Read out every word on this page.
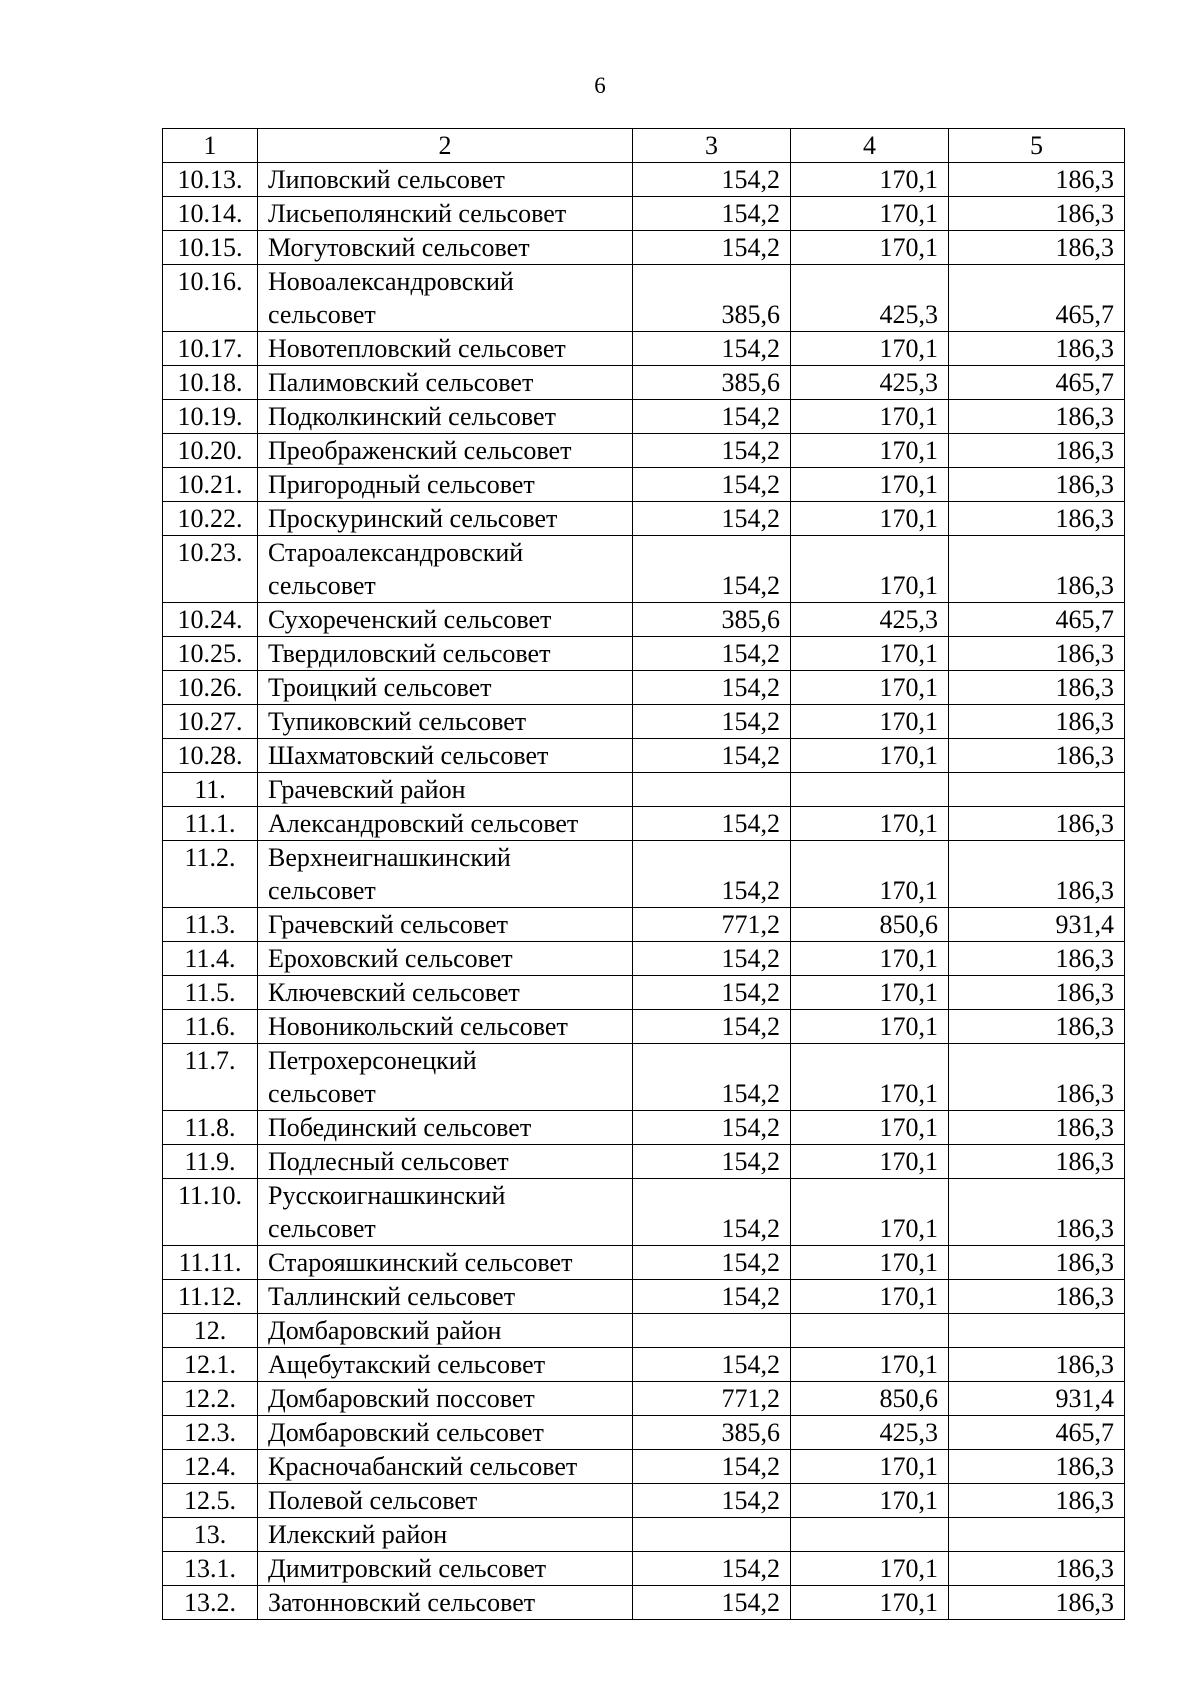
6
1	2	3	4	5
10.13.	Липовский сельсовет	154,2	170,1	186,3
10.14.	Лисьеполянский сельсовет	154,2	170,1	186,3
10.15.	Могутовский сельсовет	154,2	170,1	186,3
10.16.	Новоалександровский
сельсовет	385,6	425,3	465,7
10.17.	Новотепловский сельсовет	154,2	170,1	186,3
10.18.	Палимовский сельсовет	385,6	425,3	465,7
10.19.	Подколкинский сельсовет	154,2	170,1	186,3
10.20.	Преображенский сельсовет	154,2	170,1	186,3
10.21.	Пригородный сельсовет	154,2	170,1	186,3
10.22.	Проскуринский сельсовет	154,2	170,1	186,3
10.23.	Староалександровский
сельсовет	154,2	170,1	186,3
10.24.	Сухореченский сельсовет	385,6	425,3	465,7
10.25.	Твердиловский сельсовет	154,2	170,1	186,3
10.26.	Троицкий сельсовет	154,2	170,1	186,3
10.27.	Тупиковский сельсовет	154,2	170,1	186,3
10.28.	Шахматовский сельсовет	154,2	170,1	186,3
11.	Грачевский район			

11.1.	Александровский сельсовет	154,2	170,1	186,3
11.2.	Верхнеигнашкинский
сельсовет	154,2	170,1	186,3
11.3.	Грачевский сельсовет	771,2	850,6	931,4
11.4.	Ероховский сельсовет	154,2	170,1	186,3
11.5.	Ключевский сельсовет	154,2	170,1	186,3
11.6.	Новоникольский сельсовет	154,2	170,1	186,3
11.7.	Петрохерсонецкий
сельсовет	154,2	170,1	186,3
11.8.	Побединский сельсовет	154,2	170,1	186,3
11.9.	Подлесный сельсовет	154,2	170,1	186,3
11.10.	Русскоигнашкинский
сельсовет	154,2	170,1	186,3
11.11.	Старояшкинский сельсовет	154,2	170,1	186,3
11.12.	Таллинский сельсовет	154,2	170,1	186,3
12.	Домбаровский район			

12.1.	Ащебутакский сельсовет	154,2	170,1	186,3
12.2.	Домбаровский поссовет	771,2	850,6	931,4
12.3.	Домбаровский сельсовет	385,6	425,3	465,7
12.4.	Красночабанский сельсовет	154,2	170,1	186,3
12.5.	Полевой сельсовет	154,2	170,1	186,3
13.	Илекский район			

13.1.	Димитровский сельсовет	154,2	170,1	186,3
13.2.	Затонновский сельсовет	154,2	170,1	186,3
